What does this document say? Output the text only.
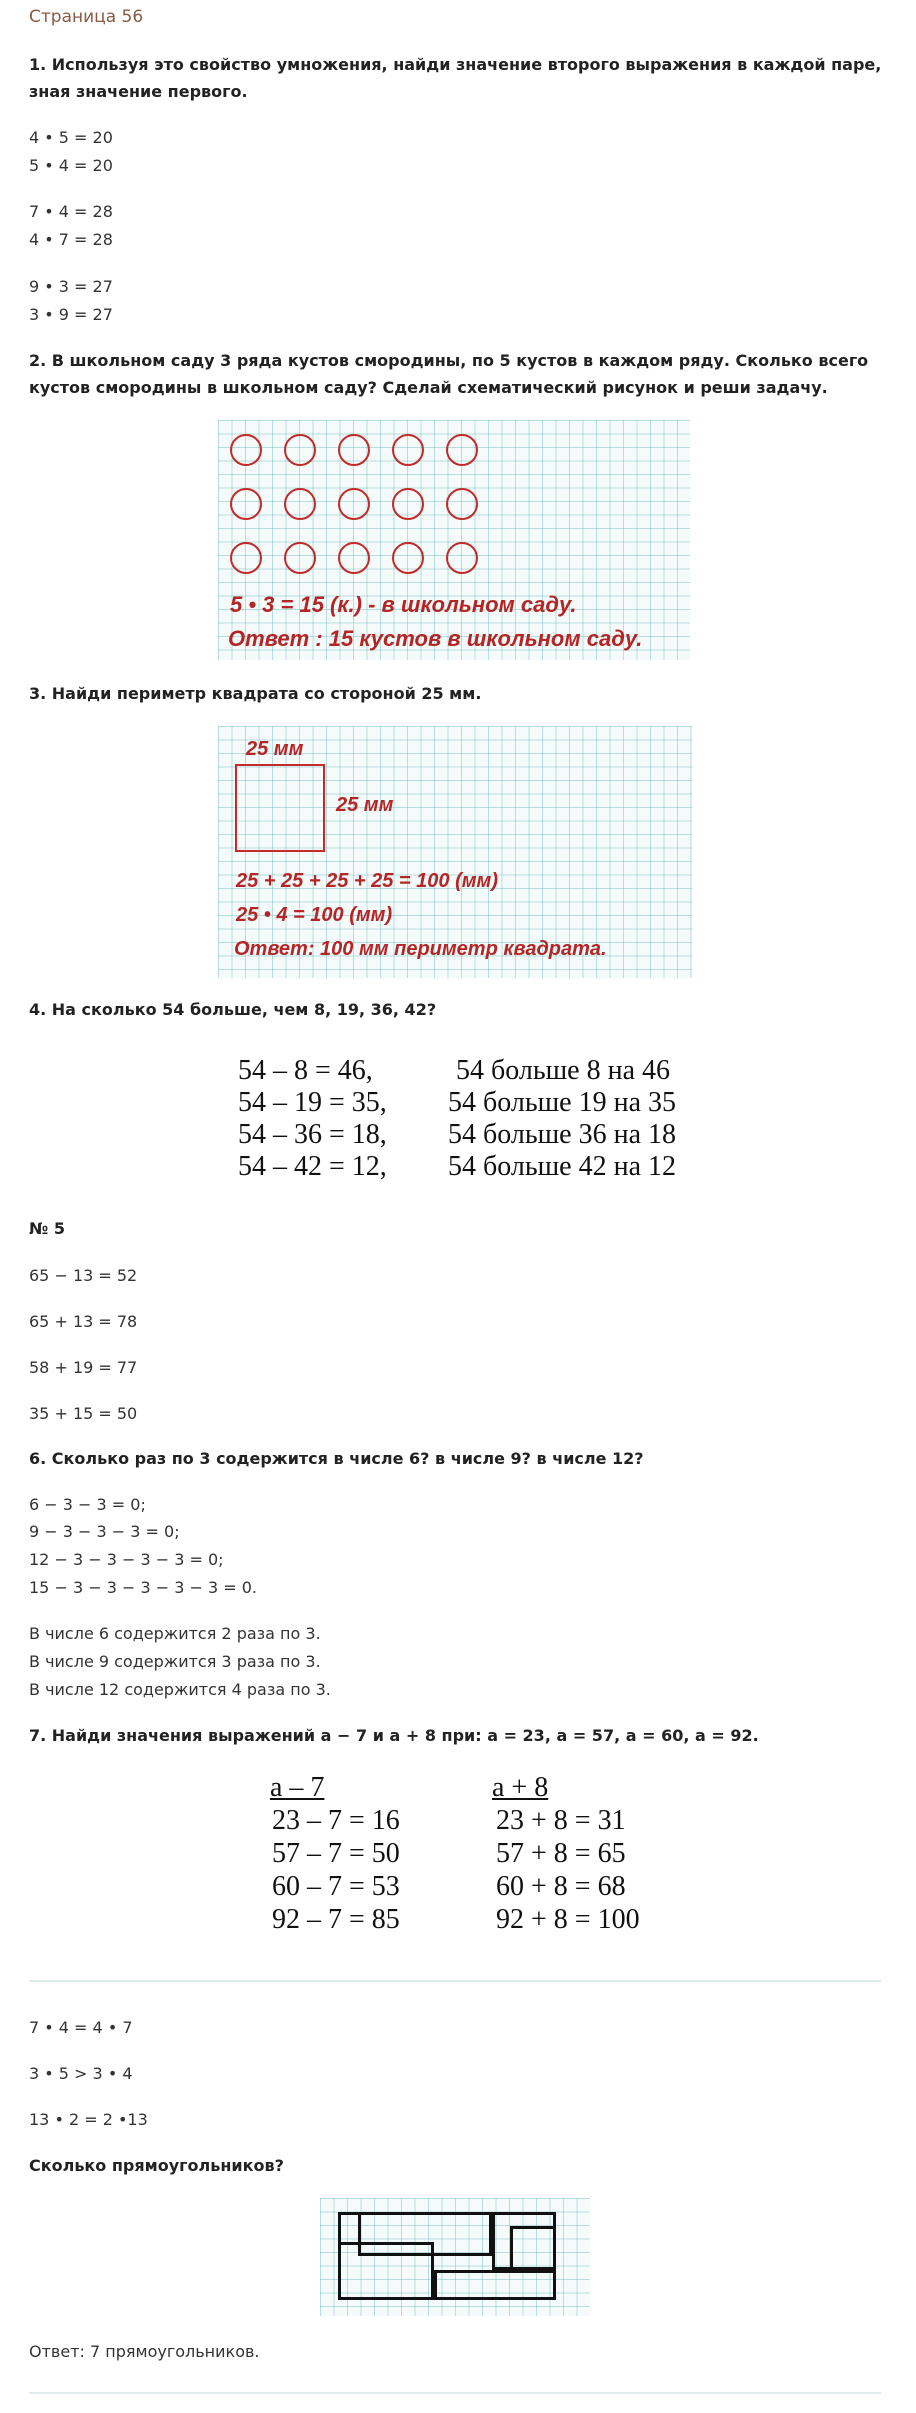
Страница 56
1. Используя это свойство умножения, найди значение второго выражения в каждой паре,
зная значение первого.
4 • 5 = 20
5 • 4 = 20
7 • 4 = 28
4 • 7 = 28
9 • 3 = 27
3 • 9 = 27
2. В школьном саду 3 ряда кустов смородины, по 5 кустов в каждом ряду. Сколько всего
кустов смородины в школьном саду? Сделай схематический рисунок и реши задачу.
5 • 3 = 15 (к.) - в школьном саду.
Ответ : 15 кустов в школьном саду.
3. Найди периметр квадрата со стороной 25 мм.
25 мм
25 мм
25 + 25 + 25 + 25 = 100 (мм)
25 • 4 = 100 (мм)
Ответ: 100 мм периметр квадрата.
4. На сколько 54 больше, чем 8, 19, 36, 42?
54 – 8 = 46,
54 – 19 = 35,
54 – 36 = 18,
54 – 42 = 12,
54 больше 8 на 46
54 больше 19 на 35
54 больше 36 на 18
54 больше 42 на 12
№ 5
65 − 13 = 52
65 + 13 = 78
58 + 19 = 77
35 + 15 = 50
6. Сколько раз по 3 содержится в числе 6? в числе 9? в числе 12?
6 − 3 − 3 = 0;
9 − 3 − 3 − 3 = 0;
12 − 3 − 3 − 3 − 3 = 0;
15 − 3 − 3 − 3 − 3 − 3 = 0.
В числе 6 содержится 2 раза по 3.
В числе 9 содержится 3 раза по 3.
В числе 12 содержится 4 раза по 3.
7. Найди значения выражений а − 7 и а + 8 при: а = 23, а = 57, а = 60, а = 92.
а – 7
23 – 7 = 16
57 – 7 = 50
60 – 7 = 53
92 – 7 = 85
а + 8
23 + 8 = 31
57 + 8 = 65
60 + 8 = 68
92 + 8 = 100
7 • 4 = 4 • 7
3 • 5 > 3 • 4
13 • 2 = 2 •13
Сколько прямоугольников?
Ответ: 7 прямоугольников.
